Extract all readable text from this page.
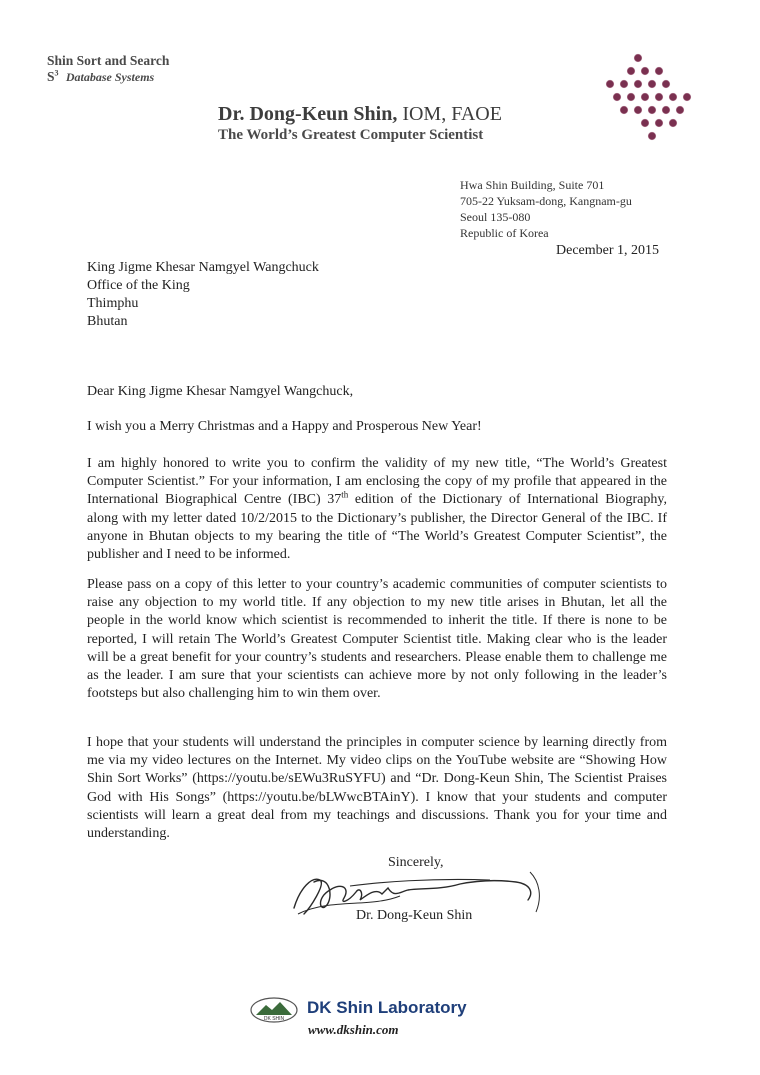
Shin Sort and Search
$S^3$ Database Systems
Dr. Dong-Keun Shin, IOM, FAOE
The World’s Greatest Computer Scientist
Hwa Shin Building, Suite 701
705-22 Yuksam-dong, Kangnam-gu
Seoul 135-080
Republic of Korea
December 1, 2015
King Jigme Khesar Namgyel Wangchuck
Office of the King
Thimphu
Bhutan
Dear King Jigme Khesar Namgyel Wangchuck,
I wish you a Merry Christmas and a Happy and Prosperous New Year!
I am highly honored to write you to confirm the validity of my new title, “The World’s Greatest Computer Scientist.” For your information, I am enclosing the copy of my profile that appeared in the International Biographical Centre (IBC) 37th edition of the Dictionary of International Biography, along with my letter dated 10/2/2015 to the Dictionary’s publisher, the Director General of the IBC. If anyone in Bhutan objects to my bearing the title of “The World’s Greatest Computer Scientist”, the publisher and I need to be informed.
Please pass on a copy of this letter to your country’s academic communities of computer scientists to raise any objection to my world title. If any objection to my new title arises in Bhutan, let all the people in the world know which scientist is recommended to inherit the title. If there is none to be reported, I will retain The World’s Greatest Computer Scientist title. Making clear who is the leader will be a great benefit for your country’s students and researchers. Please enable them to challenge me as the leader. I am sure that your scientists can achieve more by not only following in the leader’s footsteps but also challenging him to win them over.
I hope that your students will understand the principles in computer science by learning directly from me via my video lectures on the Internet. My video clips on the YouTube website are “Showing How Shin Sort Works” (https://youtu.be/sEWu3RuSYFU) and “Dr. Dong-Keun Shin, The Scientist Praises God with His Songs” (https://youtu.be/bLWwcBTAinY). I know that your students and computer scientists will learn a great deal from my teachings and discussions. Thank you for your time and understanding.
Sincerely,
Dr. Dong-Keun Shin
DK SHIN
DK Shin Laboratory
www.dkshin.com
